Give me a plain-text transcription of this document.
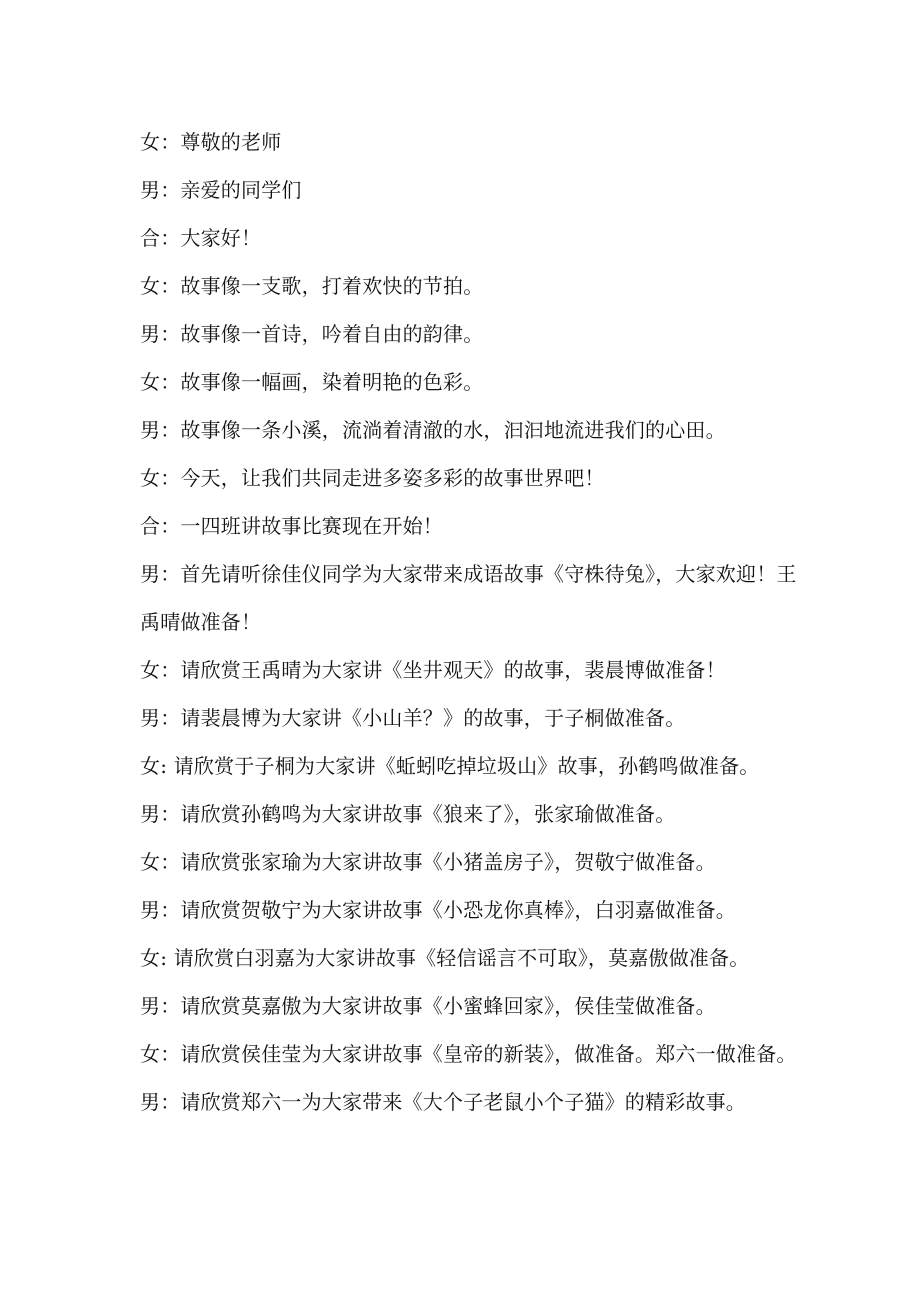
女：尊敬的老师
男：亲爱的同学们
合：大家好！
女：故事像一支歌，打着欢快的节拍。
男：故事像一首诗，吟着自由的韵律。
女：故事像一幅画，染着明艳的色彩。
男：故事像一条小溪，流淌着清澈的水，汩汩地流进我们的心田。
女：今天，让我们共同走进多姿多彩的故事世界吧！
合：一四班讲故事比赛现在开始！
男：首先请听徐佳仪同学为大家带来成语故事《守株待兔》，大家欢迎！王禹晴做准备！
女：请欣赏王禹晴为大家讲《坐井观天》的故事，裴晨博做准备！
男：请裴晨博为大家讲《小山羊？》的故事，于子桐做准备。
女: 请欣赏于子桐为大家讲《蚯蚓吃掉垃圾山》故事，孙鹤鸣做准备。
男：请欣赏孙鹤鸣为大家讲故事《狼来了》，张家瑜做准备。
女：请欣赏张家瑜为大家讲故事《小猪盖房子》，贺敬宁做准备。
男：请欣赏贺敬宁为大家讲故事《小恐龙你真棒》，白羽嘉做准备。
女: 请欣赏白羽嘉为大家讲故事《轻信谣言不可取》，莫嘉傲做准备。
男：请欣赏莫嘉傲为大家讲故事《小蜜蜂回家》，侯佳莹做准备。
女：请欣赏侯佳莹为大家讲故事《皇帝的新装》，做准备。郑六一做准备。
男：请欣赏郑六一为大家带来《大个子老鼠小个子猫》的精彩故事。
